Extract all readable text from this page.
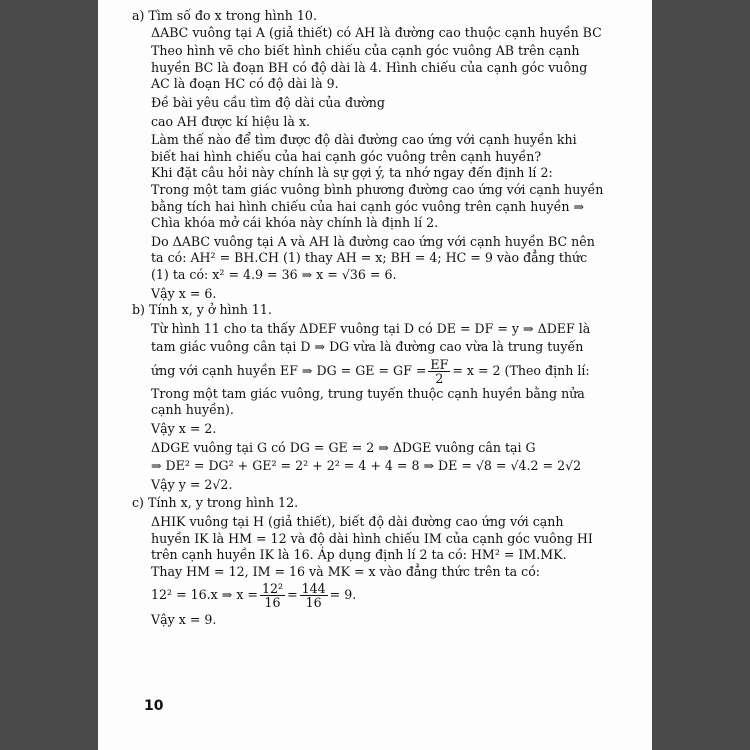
a) Tìm số đo x trong hình 10.
ΔABC vuông tại A (giả thiết) có AH là đường cao thuộc cạnh huyền BC
Theo hình vẽ cho biết hình chiếu của cạnh góc vuông AB trên cạnh
huyền BC là đoạn BH có độ dài là 4. Hình chiếu của cạnh góc vuông
AC là đoạn HC có độ dài là 9.
Đề bài yêu cầu tìm độ dài của đường
cao AH được kí hiệu là x.
Làm thế nào để tìm được độ dài đường cao ứng với cạnh huyền khi
biết hai hình chiếu của hai cạnh góc vuông trên cạnh huyền?
Khi đặt câu hỏi này chính là sự gợi ý, ta nhớ ngay đến định lí 2:
Trong một tam giác vuông bình phương đường cao ứng với cạnh huyền
bằng tích hai hình chiếu của hai cạnh góc vuông trên cạnh huyền ⇒
Chìa khóa mở cái khóa này chính là định lí 2.
Do ΔABC vuông tại A và AH là đường cao ứng với cạnh huyền BC nên
ta có: AH² = BH.CH (1) thay AH = x; BH = 4; HC = 9 vào đẳng thức
(1) ta có: x² = 4.9 = 36 ⇒ x = √36 = 6.
Vậy x = 6.
b) Tính x, y ở hình 11.
Từ hình 11 cho ta thấy ΔDEF vuông tại D có DE = DF = y ⇒ ΔDEF là
tam giác vuông cân tại D ⇒ DG vừa là đường cao vừa là trung tuyến
ứng với cạnh huyền EF ⇒ DG = GE = GF = $\frac{EF}{2} = x = 2$ (Theo định lí:
Trong một tam giác vuông, trung tuyến thuộc cạnh huyền bằng nửa
cạnh huyền).
Vậy x = 2.
ΔDGE vuông tại G có DG = GE = 2 ⇒ ΔDGE vuông cân tại G
⇒ DE² = DG² + GE² = 2² + 2² = 4 + 4 = 8 ⇒ DE = √8 = √4.2 = 2√2
Vậy y = 2√2.
c) Tính x, y trong hình 12.
ΔHIK vuông tại H (giả thiết), biết độ dài đường cao ứng với cạnh
huyền IK là HM = 12 và độ dài hình chiếu IM của cạnh góc vuông HI
trên cạnh huyền IK là 16. Áp dụng định lí 2 ta có: HM² = IM.MK.
Thay HM = 12, IM = 16 và MK = x vào đẳng thức trên ta có:
12² = 16.x ⇒ $x = \frac{\text{12²}}{16} = \frac{144}{16} = 9$.
Vậy x = 9.
10
